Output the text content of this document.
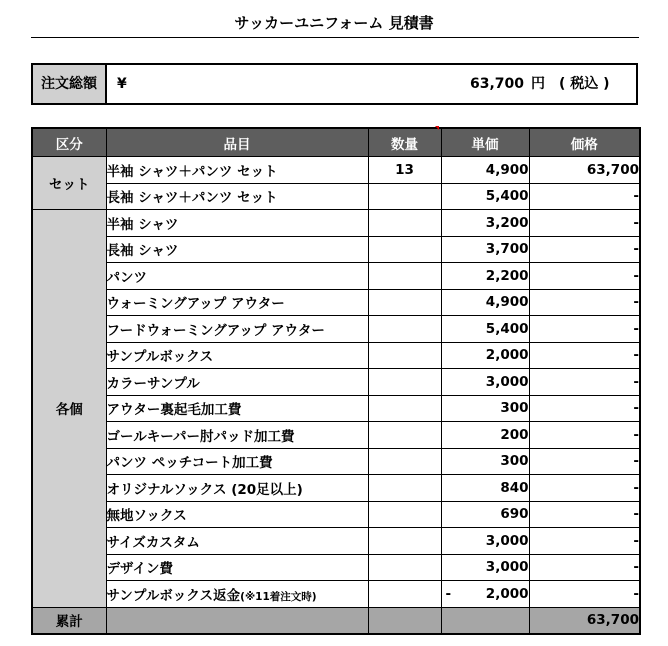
サッカーユニフォーム 見積書
注文総額	¥	63,700 円 ( 税込 )
区分	品目	数量	単価	価格
セット	半袖 シャツ＋パンツ セット	13	4,900	63,700
	長袖 シャツ＋パンツ セット		5,400	-
各個	半袖 シャツ		3,200	-
	長袖 シャツ		3,700	-
	パンツ		2,200	-
	ウォーミングアップ アウター		4,900	-
	フードウォーミングアップ アウター		5,400	-
	サンプルボックス		2,000	-
	カラーサンプル		3,000	-
	アウター裏起毛加工費		300	-
	ゴールキーパー肘パッド加工費		200	-
	パンツ ペッチコート加工費		300	-
	オリジナルソックス (20足以上)		840	-
	無地ソックス		690	-
	サイズカスタム		3,000	-
	デザイン費		3,000	-
	サンプルボックス返金(※11着注文時)		- 2,000	-
累計				63,700
